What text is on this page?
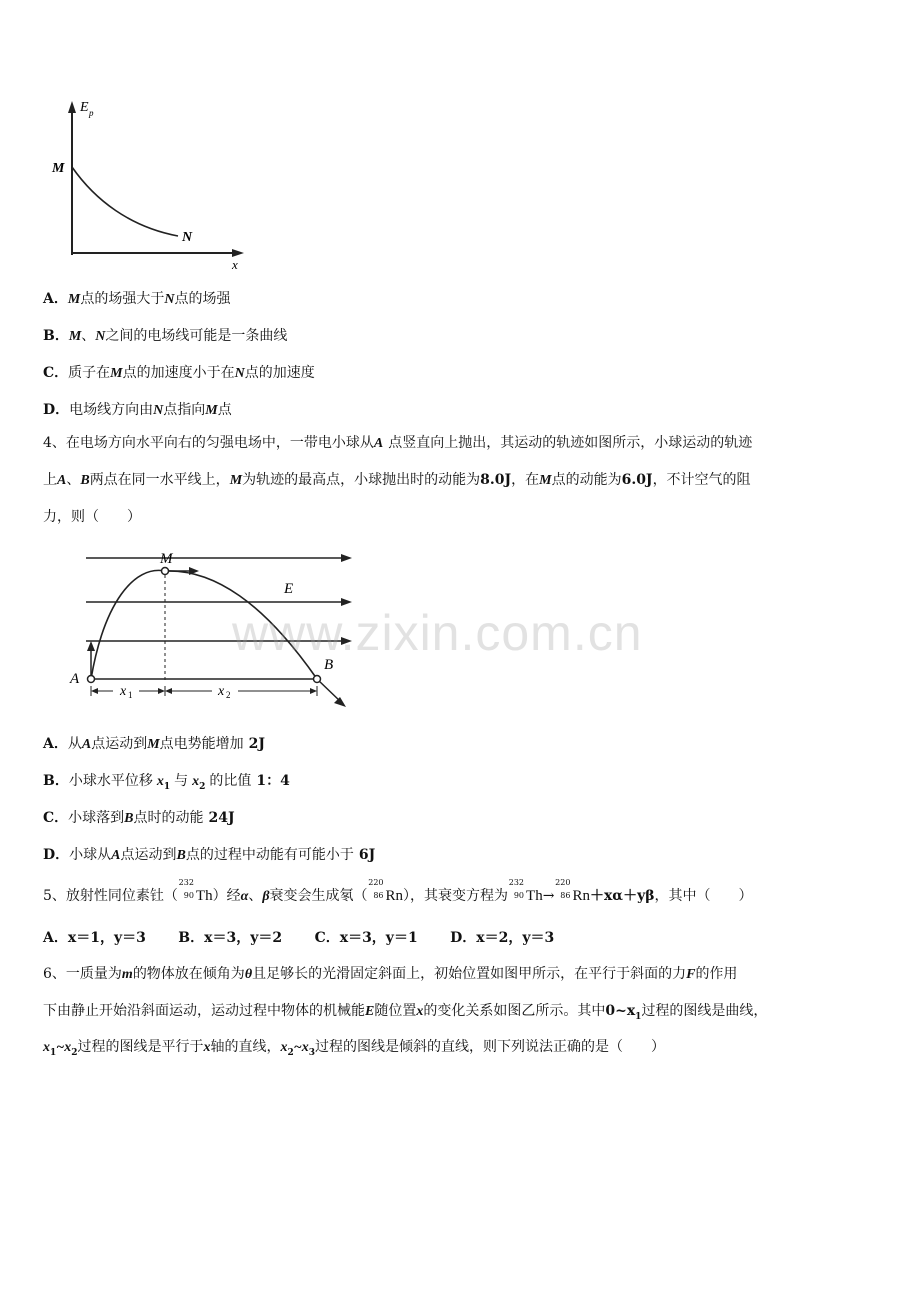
E p
M
N
x
A．M点的场强大于N点的场强
B．M、N之间的电场线可能是一条曲线
C．质子在M点的加速度小于在N点的加速度
D．电场线方向由N点指向M点
4、在电场方向水平向右的匀强电场中，一带电小球从A 点竖直向上抛出，其运动的轨迹如图所示，小球运动的轨迹
上A、B两点在同一水平线上，M为轨迹的最高点，小球抛出时的动能为8.0J，在M点的动能为6.0J，不计空气的阻
力，则（　　）
M
E
A
B
x 1	x 2
www.zixin.com.cn
A．从A点运动到M点电势能增加 2J
B．小球水平位移 $x_1$ 与 $x_2$ 的比值 1：4
C．小球落到B点时的动能 24J
D．小球从A点运动到B点的过程中动能有可能小于 6J
5、放射性同位素钍（
232
90 Th）经α、β衰变会生成氡（
220
86 Rn），其衰变方程为
232
90 Th→
220
86 Rn＋xα＋yβ，其中（　　）
A．x＝1，y＝3 B．x＝3，y＝2 C．x＝3，y＝1 D．x＝2，y＝3
6、一质量为m的物体放在倾角为θ且足够长的光滑固定斜面上，初始位置如图甲所示，在平行于斜面的力F的作用
下由静止开始沿斜面运动，运动过程中物体的机械能E随位置x的变化关系如图乙所示。其中$0\sim x_1$过程的图线是曲线，
$x_1\sim x_2$过程的图线是平行于x轴的直线，$x_2\sim x_3$过程的图线是倾斜的直线，则下列说法正确的是（　　）
